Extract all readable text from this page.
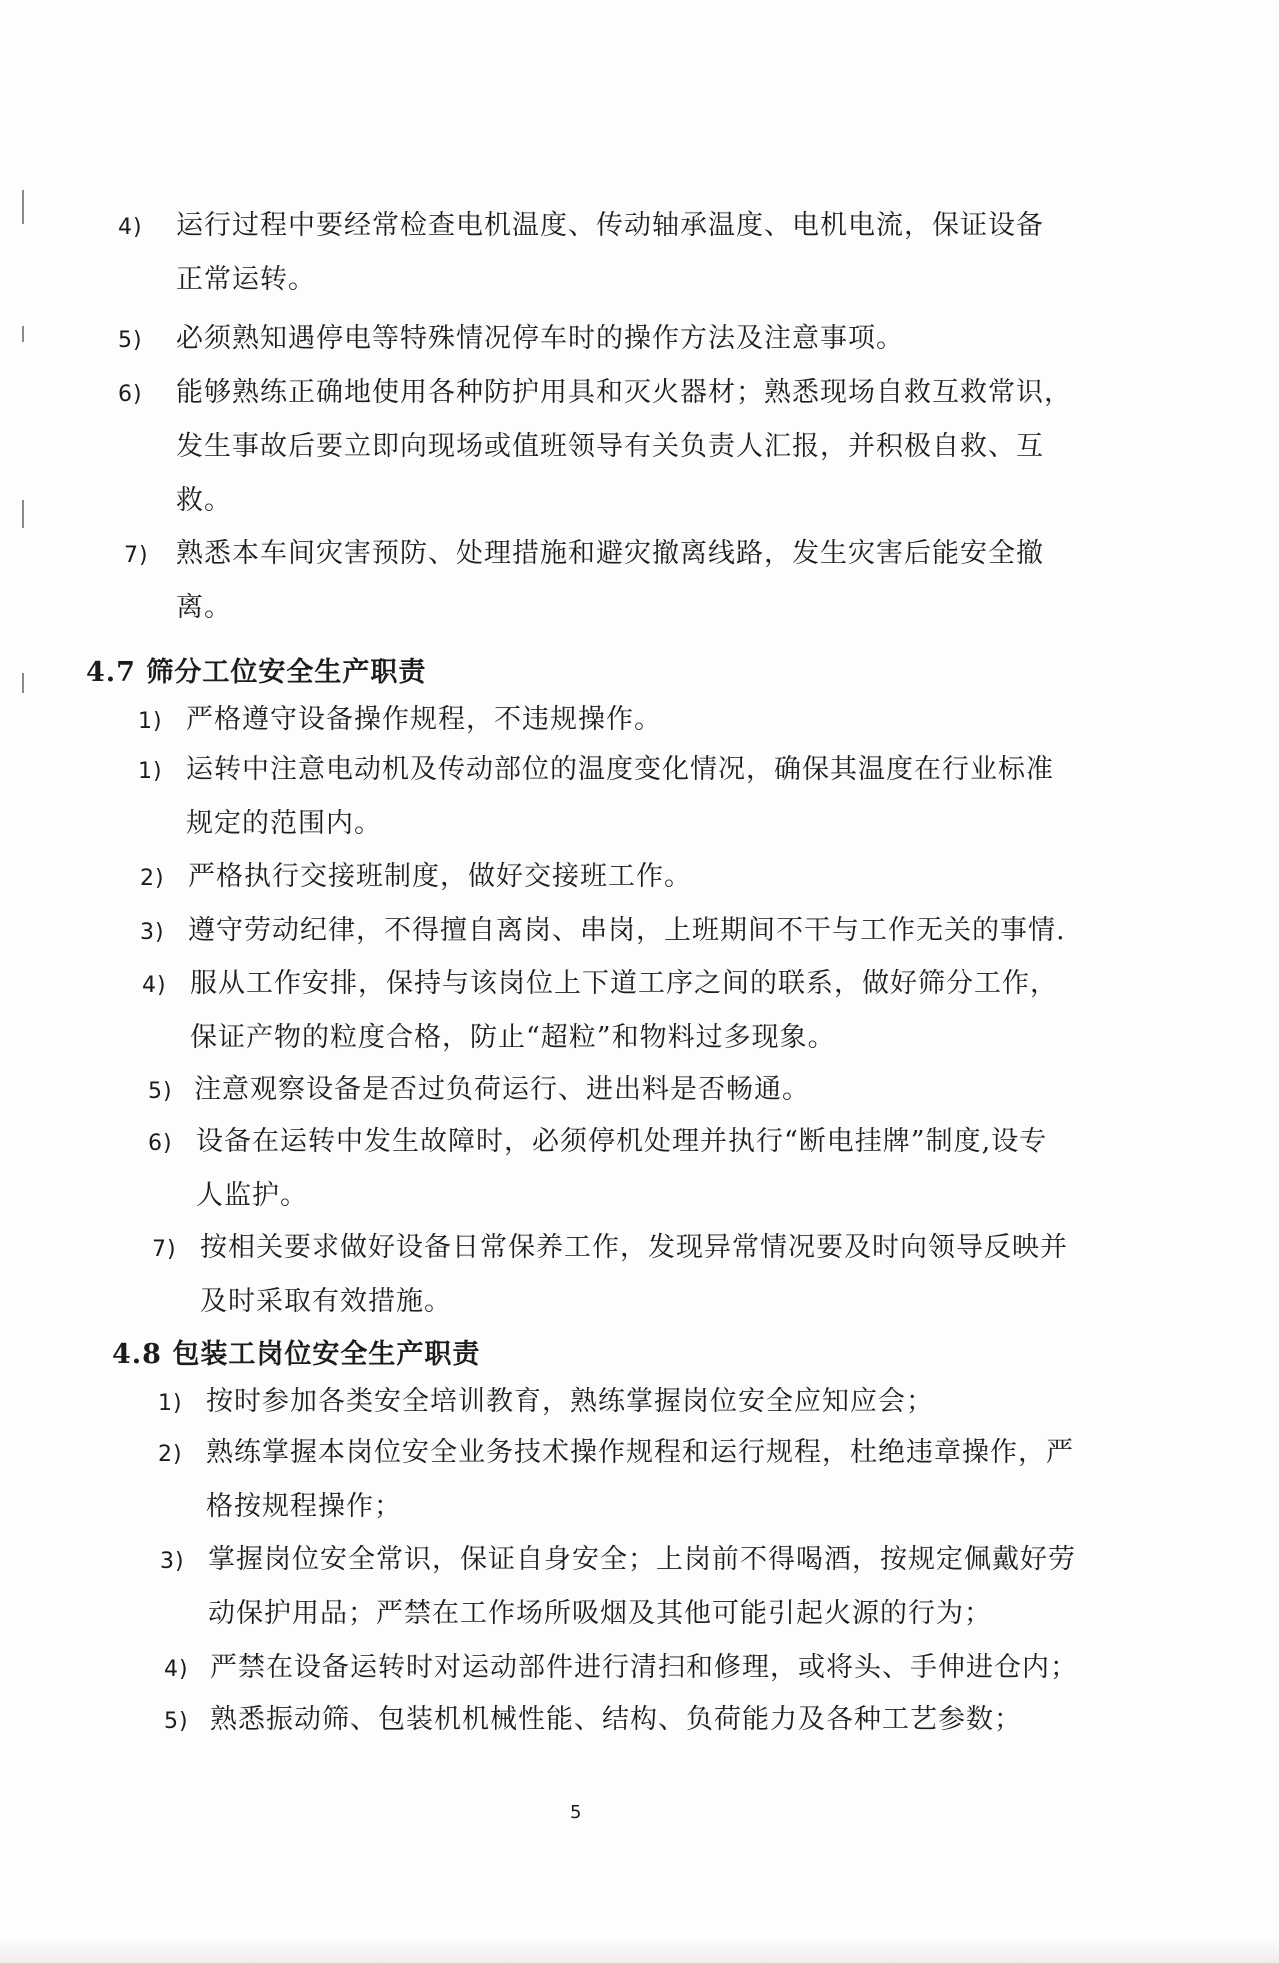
4) 运行过程中要经常检查电机温度、传动轴承温度、电机电流，保证设备
正常运转。
5) 必须熟知遇停电等特殊情况停车时的操作方法及注意事项。
6) 能够熟练正确地使用各种防护用具和灭火器材；熟悉现场自救互救常识，
发生事故后要立即向现场或值班领导有关负责人汇报，并积极自救、互
救。
7) 熟悉本车间灾害预防、处理措施和避灾撤离线路，发生灾害后能安全撤
离。
4.7 筛分工位安全生产职责
1) 严格遵守设备操作规程，不违规操作。
1) 运转中注意电动机及传动部位的温度变化情况，确保其温度在行业标准
规定的范围内。
2) 严格执行交接班制度，做好交接班工作。
3) 遵守劳动纪律，不得擅自离岗、串岗，上班期间不干与工作无关的事情.
4) 服从工作安排，保持与该岗位上下道工序之间的联系，做好筛分工作，
保证产物的粒度合格，防止“超粒”和物料过多现象。
5) 注意观察设备是否过负荷运行、进出料是否畅通。
6) 设备在运转中发生故障时，必须停机处理并执行“断电挂牌”制度,设专
人监护。
7) 按相关要求做好设备日常保养工作，发现异常情况要及时向领导反映并
及时采取有效措施。
4.8 包装工岗位安全生产职责
1) 按时参加各类安全培训教育，熟练掌握岗位安全应知应会；
2) 熟练掌握本岗位安全业务技术操作规程和运行规程，杜绝违章操作，严
格按规程操作；
3) 掌握岗位安全常识，保证自身安全；上岗前不得喝酒，按规定佩戴好劳
动保护用品；严禁在工作场所吸烟及其他可能引起火源的行为；
4) 严禁在设备运转时对运动部件进行清扫和修理，或将头、手伸进仓内；
5) 熟悉振动筛、包装机机械性能、结构、负荷能力及各种工艺参数；
5
